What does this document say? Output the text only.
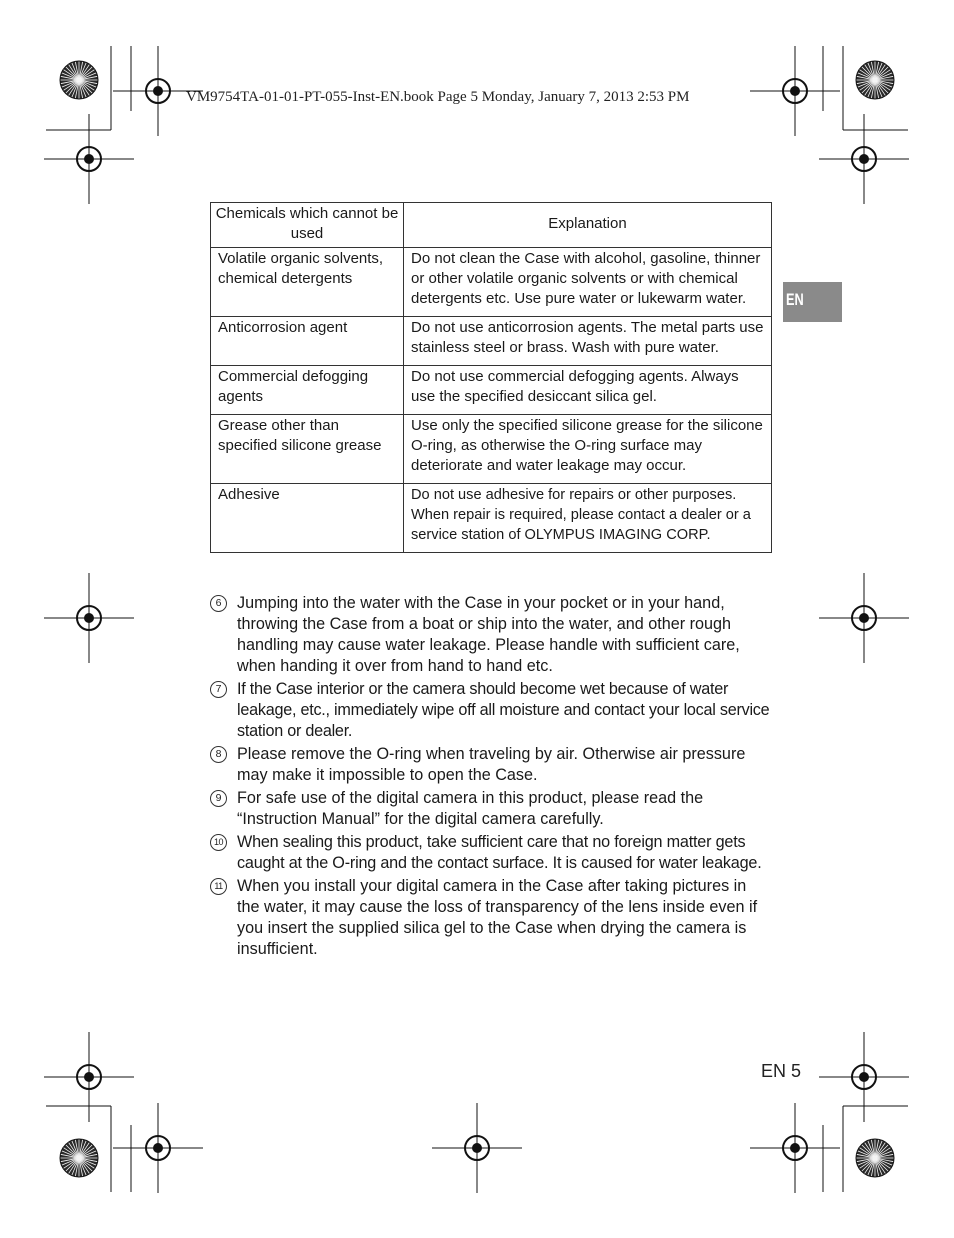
VM9754TA-01-01-PT-055-Inst-EN.book Page 5 Monday, January 7, 2013 2:53 PM
EN
Chemicals which cannot be used	Explanation
Volatile organic solvents, chemical detergents	Do not clean the Case with alcohol, gasoline, thinner or other volatile organic solvents or with chemical detergents etc. Use pure water or lukewarm water.
Anticorrosion agent	Do not use anticorrosion agents. The metal parts use stainless steel or brass. Wash with pure water.
Commercial defogging agents	Do not use commercial defogging agents. Always use the specified desiccant silica gel.
Grease other than specified silicone grease	Use only the specified silicone grease for the silicone O-ring, as otherwise the O-ring surface may deteriorate and water leakage may occur.
Adhesive	Do not use adhesive for repairs or other purposes. When repair is required, please contact a dealer or a service station of OLYMPUS IMAGING CORP.
6 Jumping into the water with the Case in your pocket or in your hand, throwing the Case from a boat or ship into the water, and other rough handling may cause water leakage. Please handle with sufficient care, when handing it over from hand to hand etc.
7 If the Case interior or the camera should become wet because of water leakage, etc., immediately wipe off all moisture and contact your local service station or dealer.
8 Please remove the O-ring when traveling by air. Otherwise air pressure may make it impossible to open the Case.
9 For safe use of the digital camera in this product, please read the “Instruction Manual” for the digital camera carefully.
10 When sealing this product, take sufficient care that no foreign matter gets caught at the O-ring and the contact surface. It is caused for water leakage.
11 When you install your digital camera in the Case after taking pictures in the water, it may cause the loss of transparency of the lens inside even if you insert the supplied silica gel to the Case when drying the camera is insufficient.
EN 5
